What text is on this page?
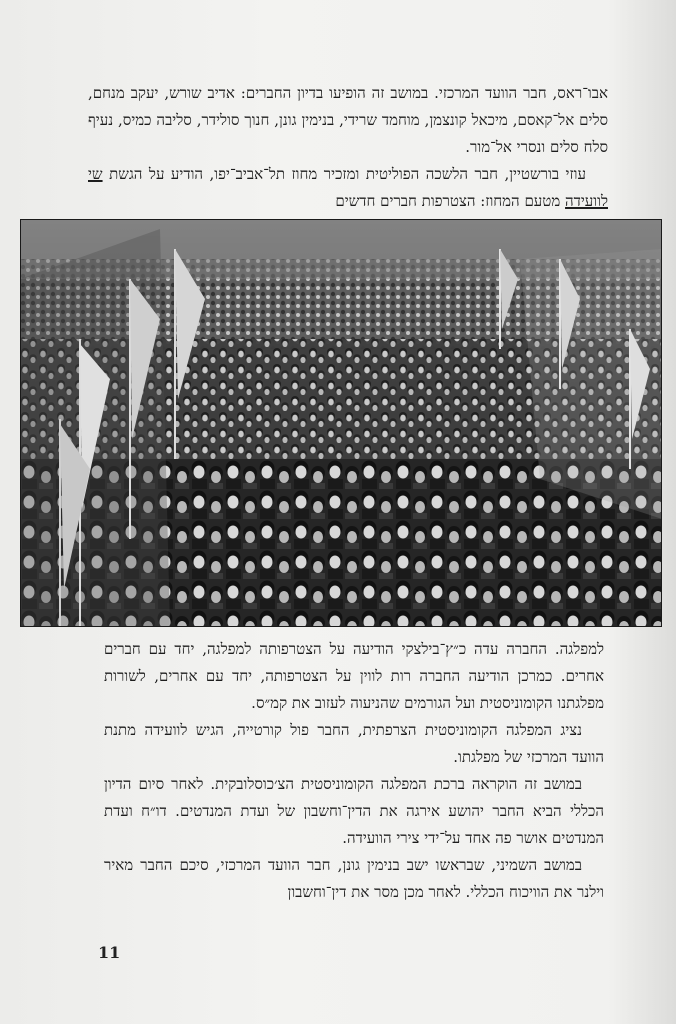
אבו־ראס, חבר הוועד המרכזי. במושב זה הופיעו בדיון החברים: אדיב שורש, יעקב מנחם, סלים אל־קאסם, מיכאל קונצמן, מוחמד שרידי, בנימין גונן, חנוך סולידר, סליבה כמיס, נעיף סלח סלים ונסרי אל־מור.

עוזי בורשטיין, חבר הלשכה הפוליטית ומזכיר מחוז תל־אביב־יפו, הודיע על הגשת שי לוועידה מטעם המחוז: הצטרפות חברים חדשים

למפלגה. החברה עדה כ״ץ־בילצקי הודיעה על הצטרפותה למפלגה, יחד עם חברים אחרים. כמרכן הודיעה החברה רות לווין על הצטרפותה, יחד עם אחרים, לשורות מפלגתנו הקומוניסטית ועל הגורמים שהניעוה לעזוב את קמ״ס.

נציג המפלגה הקומוניסטית הצרפתית, החבר פול קורטייה, הגיש לוועידה מתנת הוועד המרכזי של מפלגתו.

במושב זה הוקראה ברכת המפלגה הקומוניסטית הצ׳כוסלובקית. לאחר סיום הדיון הכללי הביא החבר יהושע אירגה את הדין־וחשבון של ועדת המנדטים. דו״ח ועדת המנדטים אושר פה אחד על־ידי צירי הוועידה.

במושב השמיני, שבראשו ישב בנימין גונן, חבר הוועד המרכזי, סיכם החבר מאיר וילנר את הוויכוח הכללי. לאחר מכן מסר את דין־וחשבון

11
